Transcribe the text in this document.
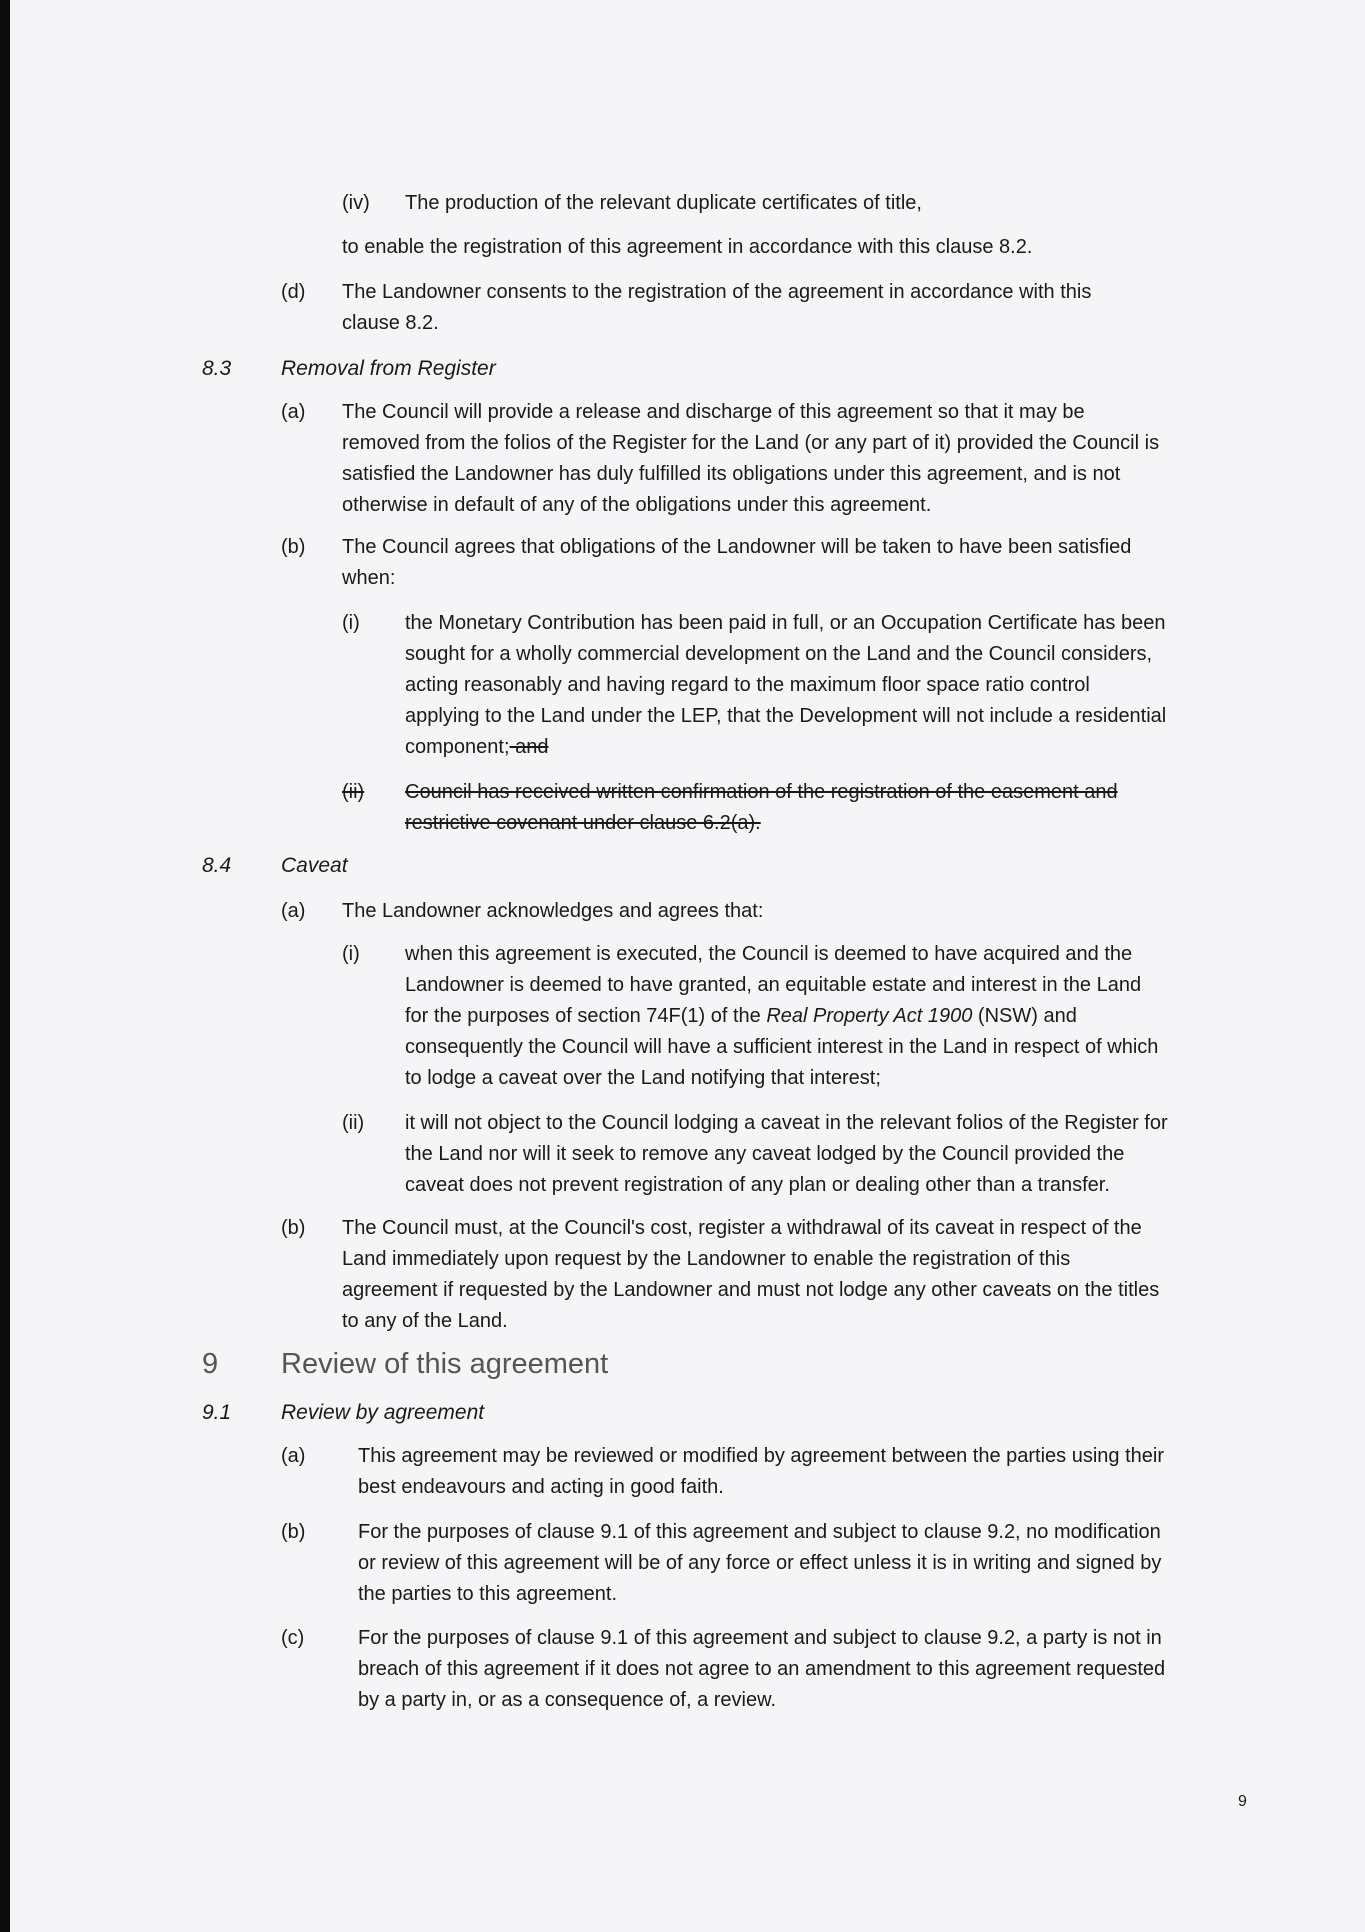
(iv) The production of the relevant duplicate certificates of title,
to enable the registration of this agreement in accordance with this clause 8.2.
(d) The Landowner consents to the registration of the agreement in accordance with this
clause 8.2.
8.3 Removal from Register
(a) The Council will provide a release and discharge of this agreement so that it may be
removed from the folios of the Register for the Land (or any part of it) provided the Council is
satisfied the Landowner has duly fulfilled its obligations under this agreement, and is not
otherwise in default of any of the obligations under this agreement.
(b) The Council agrees that obligations of the Landowner will be taken to have been satisfied
when:
(i) the Monetary Contribution has been paid in full, or an Occupation Certificate has been
sought for a wholly commercial development on the Land and the Council considers,
acting reasonably and having regard to the maximum floor space ratio control
applying to the Land under the LEP, that the Development will not include a residential
component; and
(ii)	Council has received written confirmation of the registration of the easement and
restrictive covenant under clause 6.2(a).
8.4 Caveat
(a) The Landowner acknowledges and agrees that:
(i) when this agreement is executed, the Council is deemed to have acquired and the
Landowner is deemed to have granted, an equitable estate and interest in the Land
for the purposes of section 74F(1) of the Real Property Act 1900 (NSW) and
consequently the Council will have a sufficient interest in the Land in respect of which
to lodge a caveat over the Land notifying that interest;
(ii) it will not object to the Council lodging a caveat in the relevant folios of the Register for
the Land nor will it seek to remove any caveat lodged by the Council provided the
caveat does not prevent registration of any plan or dealing other than a transfer.
(b) The Council must, at the Council's cost, register a withdrawal of its caveat in respect of the
Land immediately upon request by the Landowner to enable the registration of this
agreement if requested by the Landowner and must not lodge any other caveats on the titles
to any of the Land.
9 Review of this agreement
9.1 Review by agreement
(a)	This agreement may be reviewed or modified by agreement between the parties using their
best endeavours and acting in good faith.
(b)	For the purposes of clause 9.1 of this agreement and subject to clause 9.2, no modification
or review of this agreement will be of any force or effect unless it is in writing and signed by
the parties to this agreement.
(c)	For the purposes of clause 9.1 of this agreement and subject to clause 9.2, a party is not in
breach of this agreement if it does not agree to an amendment to this agreement requested
by a party in, or as a consequence of, a review.
9
